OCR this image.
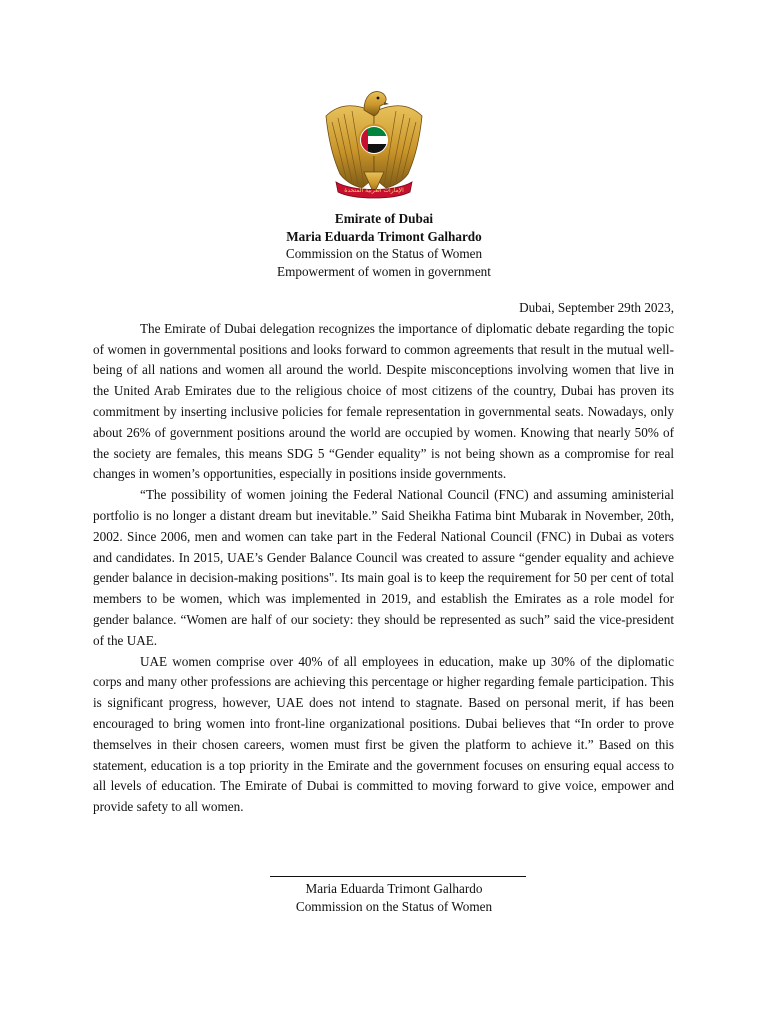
الإمارات العربية المتحدة
Emirate of Dubai
Maria Eduarda Trimont Galhardo
Commission on the Status of Women
Empowerment of women in government
Dubai, September 29th 2023,

The Emirate of Dubai delegation recognizes the importance of diplomatic debate regarding the topic of women in governmental positions and looks forward to common agreements that result in the mutual well-being of all nations and women all around the world. Despite misconceptions involving women that live in the United Arab Emirates due to the religious choice of most citizens of the country, Dubai has proven its commitment by inserting inclusive policies for female representation in governmental seats. Nowadays, only about 26% of government positions around the world are occupied by women. Knowing that nearly 50% of the society are females, this means SDG 5 “Gender equality” is not being shown as a compromise for real changes in women’s opportunities, especially in positions inside governments.

“The possibility of women joining the Federal National Council (FNC) and assuming aministerial portfolio is no longer a distant dream but inevitable.” Said Sheikha Fatima bint Mubarak in November, 20th, 2002. Since 2006, men and women can take part in the Federal National Council (FNC) in Dubai as voters and candidates. In 2015, UAE’s Gender Balance Council was created to assure “gender equality and achieve gender balance in decision-making positions". Its main goal is to keep the requirement for 50 per cent of total members to be women, which was implemented in 2019, and establish the Emirates as a role model for gender balance. “Women are half of our society: they should be represented as such” said the vice-president of the UAE.

UAE women comprise over 40% of all employees in education, make up 30% of the diplomatic corps and many other professions are achieving this percentage or higher regarding female participation. This is significant progress, however, UAE does not intend to stagnate. Based on personal merit, if has been encouraged to bring women into front-line organizational positions. Dubai believes that “In order to prove themselves in their chosen careers, women must first be given the platform to achieve it.” Based on this statement, education is a top priority in the Emirate and the government focuses on ensuring equal access to all levels of education. The Emirate of Dubai is committed to moving forward to give voice, empower and provide safety to all women.

Maria Eduarda Trimont Galhardo
Commission on the Status of Women
